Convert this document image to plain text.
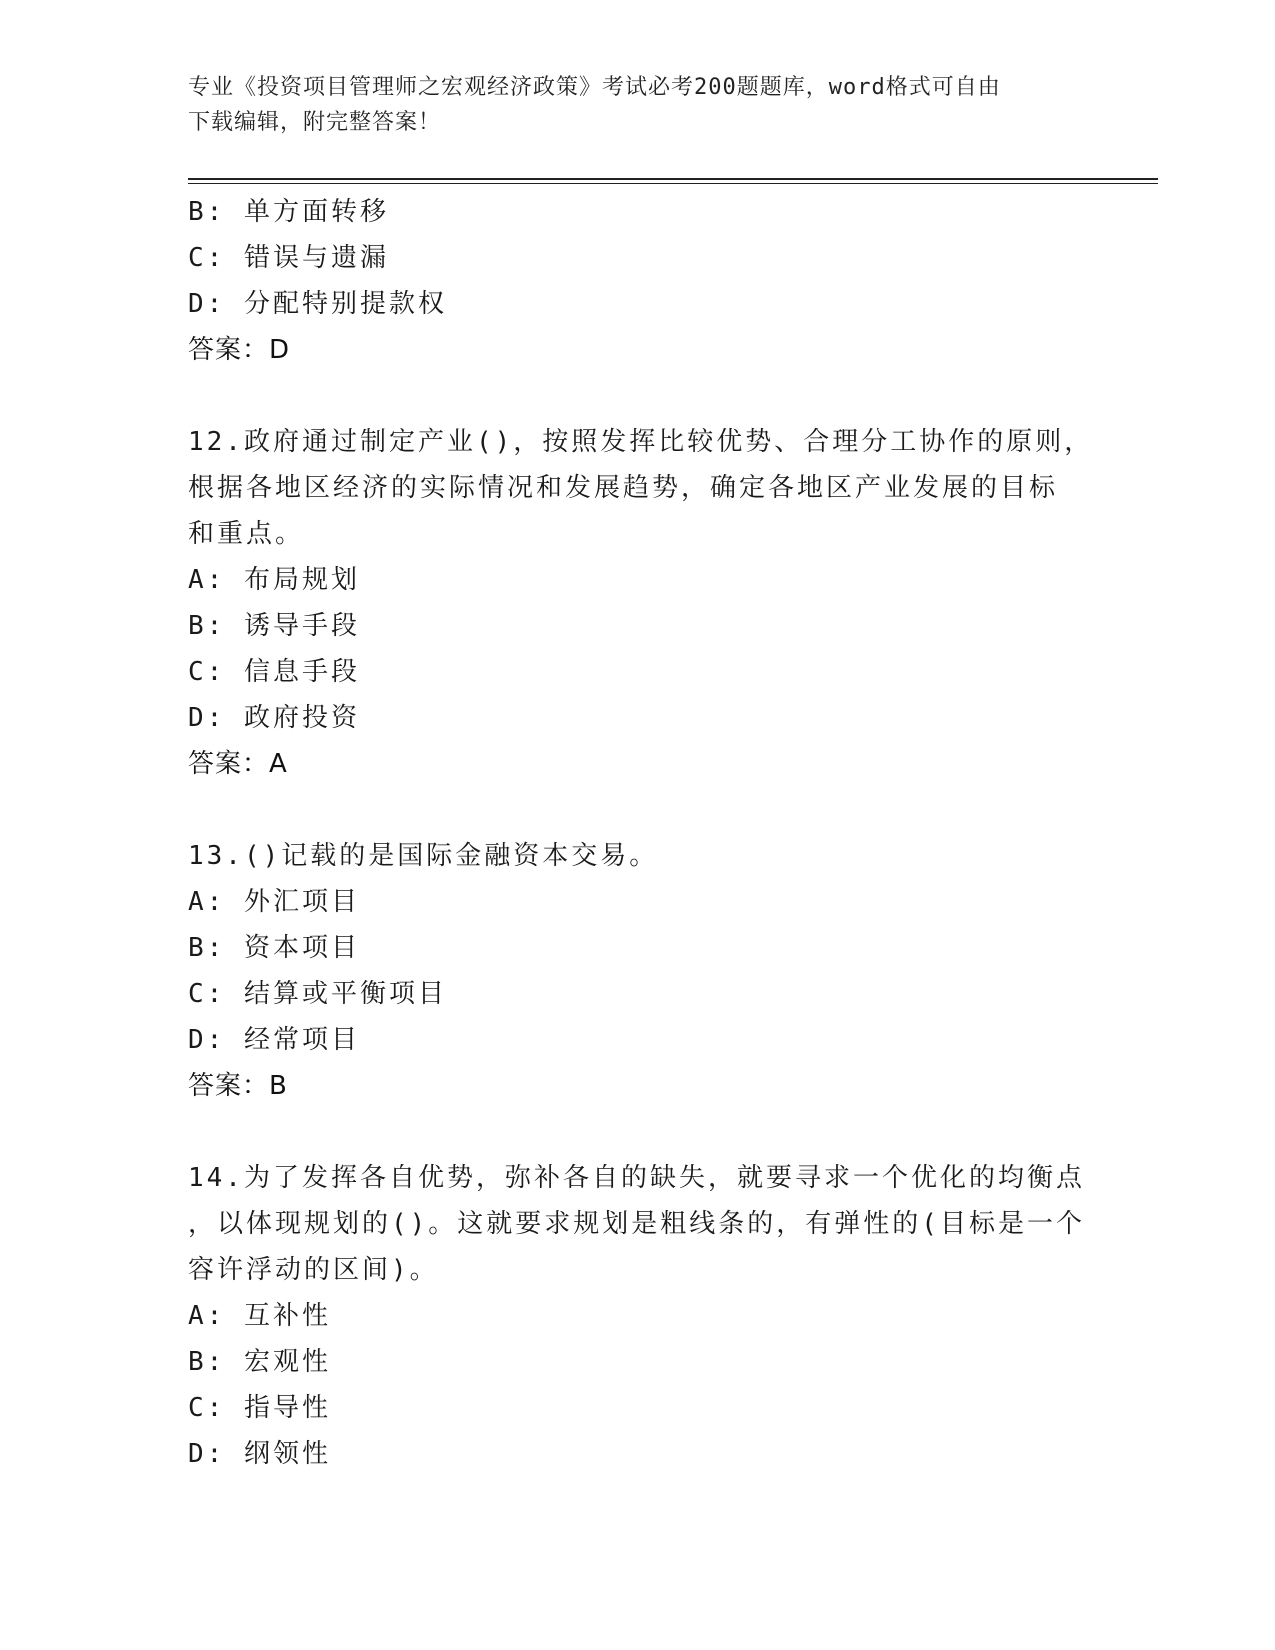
专业《投资项目管理师之宏观经济政策》考试必考200题题库，word格式可自由
下载编辑，附完整答案！
B: 单方面转移
C: 错误与遗漏
D: 分配特别提款权
答案：D
12.政府通过制定产业()，按照发挥比较优势、合理分工协作的原则，
根据各地区经济的实际情况和发展趋势，确定各地区产业发展的目标
和重点。
A: 布局规划
B: 诱导手段
C: 信息手段
D: 政府投资
答案：A
13.()记载的是国际金融资本交易。
A: 外汇项目
B: 资本项目
C: 结算或平衡项目
D: 经常项目
答案：B
14.为了发挥各自优势，弥补各自的缺失，就要寻求一个优化的均衡点
，以体现规划的()。这就要求规划是粗线条的，有弹性的(目标是一个
容许浮动的区间)。
A: 互补性
B: 宏观性
C: 指导性
D: 纲领性
